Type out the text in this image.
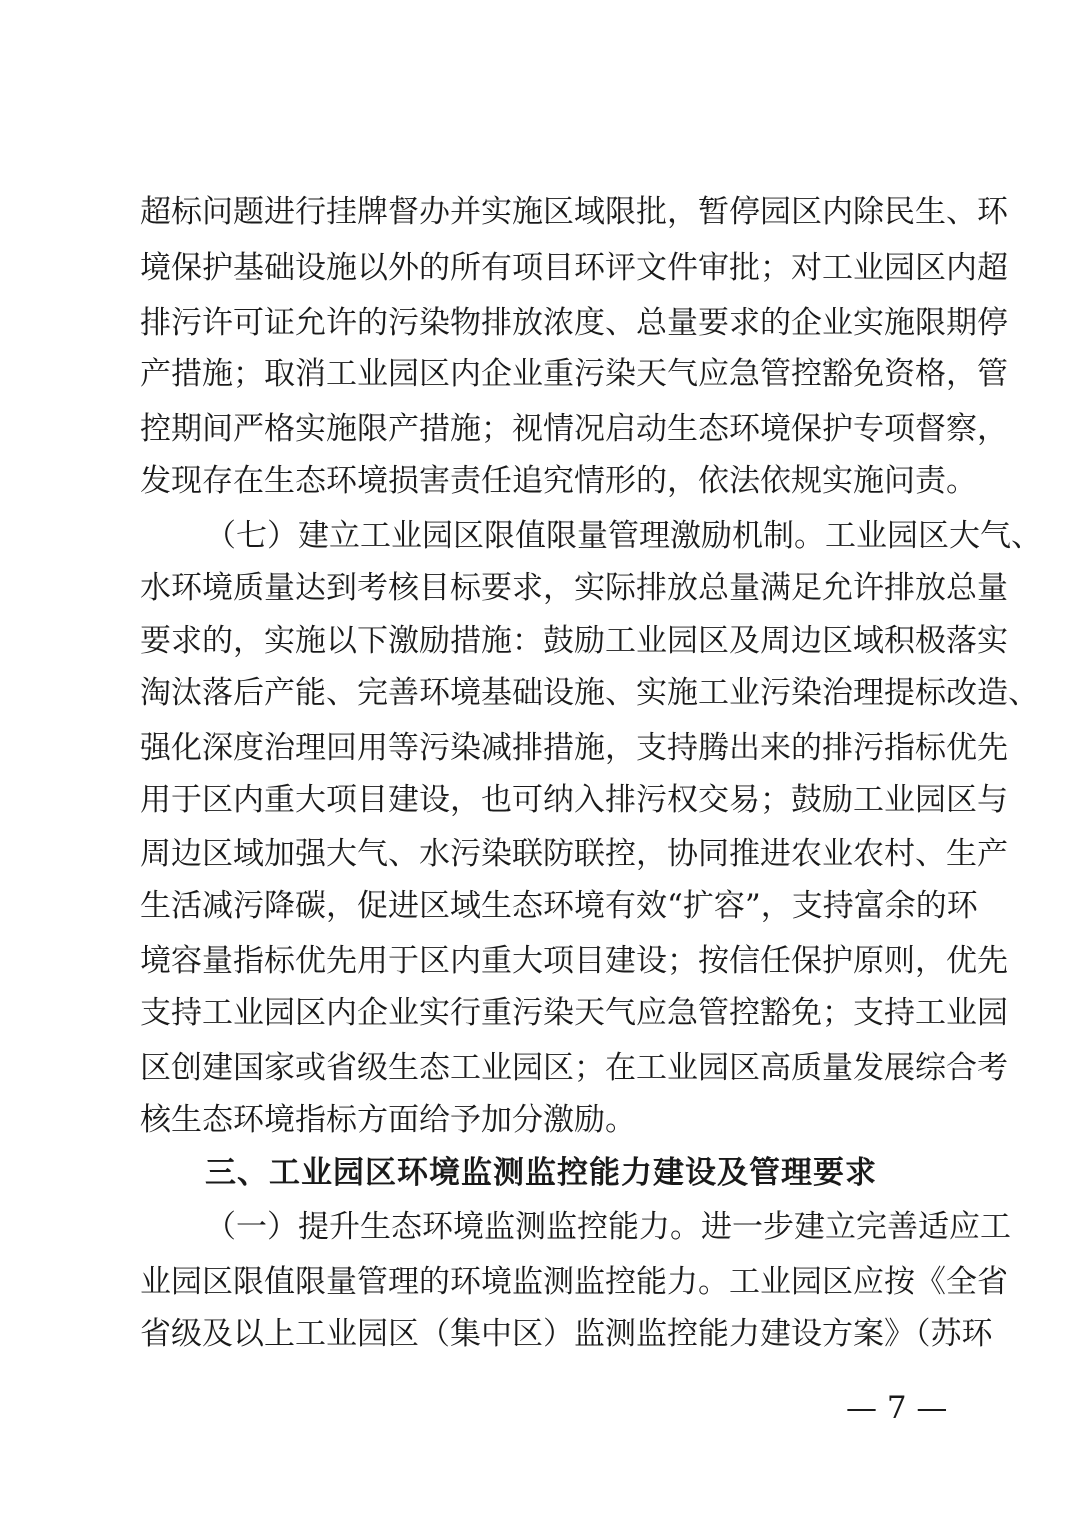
超标问题进行挂牌督办并实施区域限批，暂停园区内除民生、环
境保护基础设施以外的所有项目环评文件审批；对工业园区内超
排污许可证允许的污染物排放浓度、总量要求的企业实施限期停
产措施；取消工业园区内企业重污染天气应急管控豁免资格，管
控期间严格实施限产措施；视情况启动生态环境保护专项督察，
发现存在生态环境损害责任追究情形的，依法依规实施问责。
（七）建立工业园区限值限量管理激励机制。工业园区大气、
水环境质量达到考核目标要求，实际排放总量满足允许排放总量
要求的，实施以下激励措施：鼓励工业园区及周边区域积极落实
淘汰落后产能、完善环境基础设施、实施工业污染治理提标改造、
强化深度治理回用等污染减排措施，支持腾出来的排污指标优先
用于区内重大项目建设，也可纳入排污权交易；鼓励工业园区与
周边区域加强大气、水污染联防联控，协同推进农业农村、生产
生活减污降碳，促进区域生态环境有效“扩容”，支持富余的环
境容量指标优先用于区内重大项目建设；按信任保护原则，优先
支持工业园区内企业实行重污染天气应急管控豁免；支持工业园
区创建国家或省级生态工业园区；在工业园区高质量发展综合考
核生态环境指标方面给予加分激励。
三、工业园区环境监测监控能力建设及管理要求
（一）提升生态环境监测监控能力。进一步建立完善适应工
业园区限值限量管理的环境监测监控能力。工业园区应按《全省
省级及以上工业园区（集中区）监测监控能力建设方案》（苏环
— 7 —
